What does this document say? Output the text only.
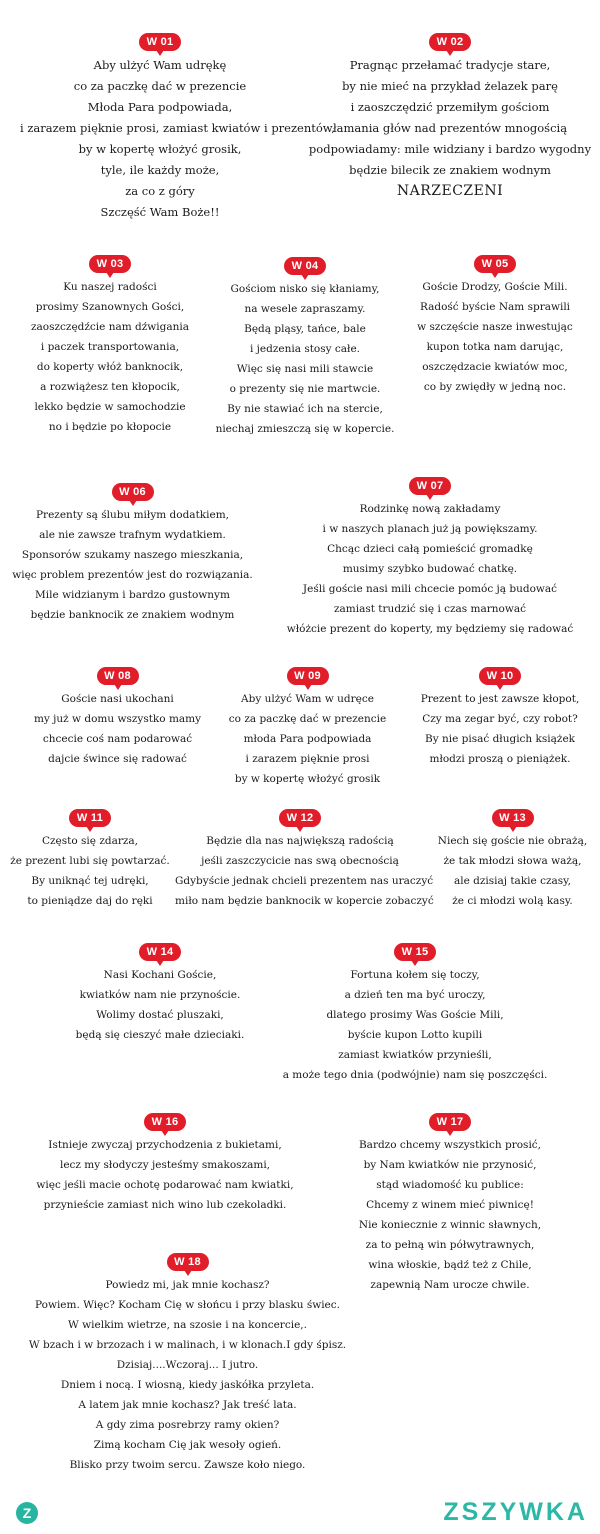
W 01
Aby ulżyć Wam udrękę
co za paczkę dać w prezencie
Młoda Para podpowiada,
i zarazem pięknie prosi, zamiast kwiatów i prezentów,
by w kopertę włożyć grosik,
tyle, ile każdy może,
za co z góry
Szczęść Wam Boże!!
W 02
Pragnąc przełamać tradycje stare,
by nie mieć na przykład żelazek parę
i zaoszczędzić przemiłym gościom
łamania głów nad prezentów mnogością
podpowiadamy: mile widziany i bardzo wygodny
będzie bilecik ze znakiem wodnym
NARZECZENI
W 03
Ku naszej radości
prosimy Szanownych Gości,
zaoszczędźcie nam dźwigania
i paczek transportowania,
do koperty włóż banknocik,
a rozwiążesz ten kłopocik,
lekko będzie w samochodzie
no i będzie po kłopocie
W 04
Gościom nisko się kłaniamy,
na wesele zapraszamy.
Będą pląsy, tańce, bale
i jedzenia stosy całe.
Więc się nasi mili stawcie
o prezenty się nie martwcie.
By nie stawiać ich na stercie,
niechaj zmieszczą się w kopercie.
W 05
Goście Drodzy, Goście Mili.
Radość byście Nam sprawili
w szczęście nasze inwestując
kupon totka nam darując,
oszczędzacie kwiatów moc,
co by zwiędły w jedną noc.
W 06
Prezenty są ślubu miłym dodatkiem,
ale nie zawsze trafnym wydatkiem.
Sponsorów szukamy naszego mieszkania,
więc problem prezentów jest do rozwiązania.
Mile widzianym i bardzo gustownym
będzie banknocik ze znakiem wodnym
W 07
Rodzinkę nową zakładamy
i w naszych planach już ją powiększamy.
Chcąc dzieci całą pomieścić gromadkę
musimy szybko budować chatkę.
Jeśli goście nasi mili chcecie pomóc ją budować
zamiast trudzić się i czas marnować
włóżcie prezent do koperty, my będziemy się radować
W 08
Goście nasi ukochani
my już w domu wszystko mamy
chcecie coś nam podarować
dajcie śwince się radować
W 09
Aby ulżyć Wam w udręce
co za paczkę dać w prezencie
młoda Para podpowiada
i zarazem pięknie prosi
by w kopertę włożyć grosik
W 10
Prezent to jest zawsze kłopot,
Czy ma zegar być, czy robot?
By nie pisać długich książek
młodzi proszą o pieniążek.
W 11
Często się zdarza,
że prezent lubi się powtarzać.
By uniknąć tej udręki,
to pieniądze daj do ręki
W 12
Będzie dla nas największą radością
jeśli zaszczycicie nas swą obecnością
Gdybyście jednak chcieli prezentem nas uraczyć
miło nam będzie banknocik w kopercie zobaczyć
W 13
Niech się goście nie obrażą,
że tak młodzi słowa ważą,
ale dzisiaj takie czasy,
że ci młodzi wolą kasy.
W 14
Nasi Kochani Goście,
kwiatków nam nie przynoście.
Wolimy dostać pluszaki,
będą się cieszyć małe dzieciaki.
W 15
Fortuna kołem się toczy,
a dzień ten ma być uroczy,
dlatego prosimy Was Goście Mili,
byście kupon Lotto kupili
zamiast kwiatków przynieśli,
a może tego dnia (podwójnie) nam się poszczęści.
W 16
Istnieje zwyczaj przychodzenia z bukietami,
lecz my słodyczy jesteśmy smakoszami,
więc jeśli macie ochotę podarować nam kwiatki,
przynieście zamiast nich wino lub czekoladki.
W 17
Bardzo chcemy wszystkich prosić,
by Nam kwiatków nie przynosić,
stąd wiadomość ku publice:
Chcemy z winem mieć piwnicę!
Nie koniecznie z winnic sławnych,
za to pełną win półwytrawnych,
wina włoskie, bądź też z Chile,
zapewnią Nam urocze chwile.
W 18
Powiedz mi, jak mnie kochasz?
Powiem. Więc? Kocham Cię w słońcu i przy blasku świec.
W wielkim wietrze, na szosie i na koncercie,.
W bzach i w brzozach i w malinach, i w klonach.I gdy śpisz.
Dzisiaj....Wczoraj... I jutro.
Dniem i nocą. I wiosną, kiedy jaskółka przyleta.
A latem jak mnie kochasz? Jak treść lata.
A gdy zima posrebrzy ramy okien?
Zimą kocham Cię jak wesoły ogień.
Blisko przy twoim sercu. Zawsze koło niego.
Z	ZSZYWKA
